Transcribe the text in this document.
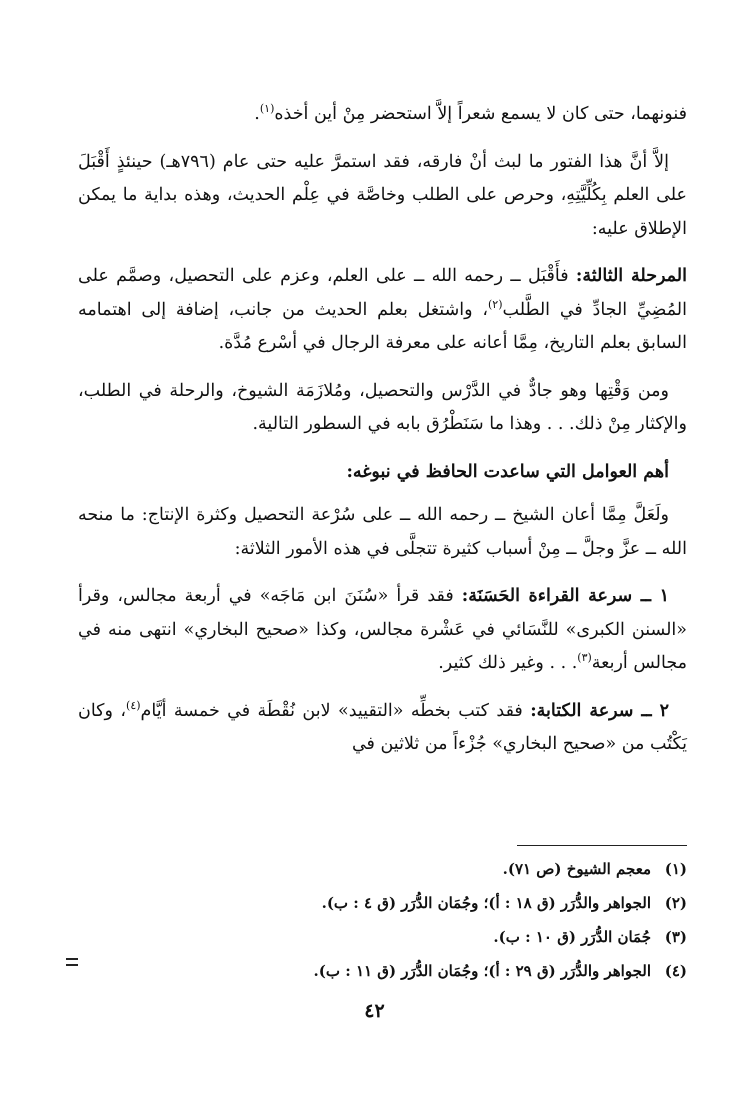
فنونهما، حتى كان لا يسمع شعراً إلاَّ استحضر مِنْ أين أخذه$^{(١)}$.

إلاَّ أنَّ هذا الفتور ما لبث أنْ فارقه، فقد استمرَّ عليه حتى عام (٧٩٦هـ) حينئذٍ أَقْبَلَ على العلم بِكُلِّيَّتِهِ، وحرص على الطلب وخاصَّة في عِلْم الحديث، وهذه بداية ما يمكن الإطلاق عليه:

المرحلة الثالثة: فأَقْبَل ــ رحمه الله ــ على العلم، وعزم على التحصيل، وصمَّم على المُضِيِّ الجادِّ في الطَّلب$^{(٢)}$، واشتغل بعلم الحديث من جانب، إضافة إلى اهتمامه السابق بعلم التاريخ، مِمَّا أعانه على معرفة الرجال في أسْرع مُدَّة.

ومن وَقْتِها وهو جادٌّ في الدَّرْس والتحصيل، ومُلازَمَة الشيوخ، والرحلة في الطلب، والإكثار مِنْ ذلك. . . وهذا ما سَنَطْرُق بابه في السطور التالية.

أهم العوامل التي ساعدت الحافظ في نبوغه:

ولَعَلَّ مِمَّا أعان الشيخ ــ رحمه الله ــ على سُرْعة التحصيل وكثرة الإنتاج: ما منحه الله ــ عزَّ وجلَّ ــ مِنْ أسباب كثيرة تتجلَّى في هذه الأمور الثلاثة:

١ ــ سرعة القراءة الحَسَنَة: فقد قرأ «سُنَنَ ابن مَاجَه» في أربعة مجالس، وقرأ «السنن الكبرى» للنَّسَائي في عَشْرة مجالس، وكذا «صحيح البخاري» انتهى منه في مجالس أربعة$^{(٣)}$. . . وغير ذلك كثير.

٢ ــ سرعة الكتابة: فقد كتب بخطِّه «التقييد» لابن نُقْطَة في خمسة أيَّام$^{(٤)}$، وكان يَكْتُب من «صحيح البخاري» جُزْءاً من ثلاثين في

(١)
معجم الشيوخ (ص ٧١).

(٢)
الجواهر والدُّرَر (ق ١٨ : أ)؛ وجُمَان الدُّرَر (ق ٤ : ب).

(٣)
جُمَان الدُّرَر (ق ١٠ : ب).

(٤)
الجواهر والدُّرَر (ق ٢٩ : أ)؛ وجُمَان الدُّرَر (ق ١١ : ب).

٤٢
